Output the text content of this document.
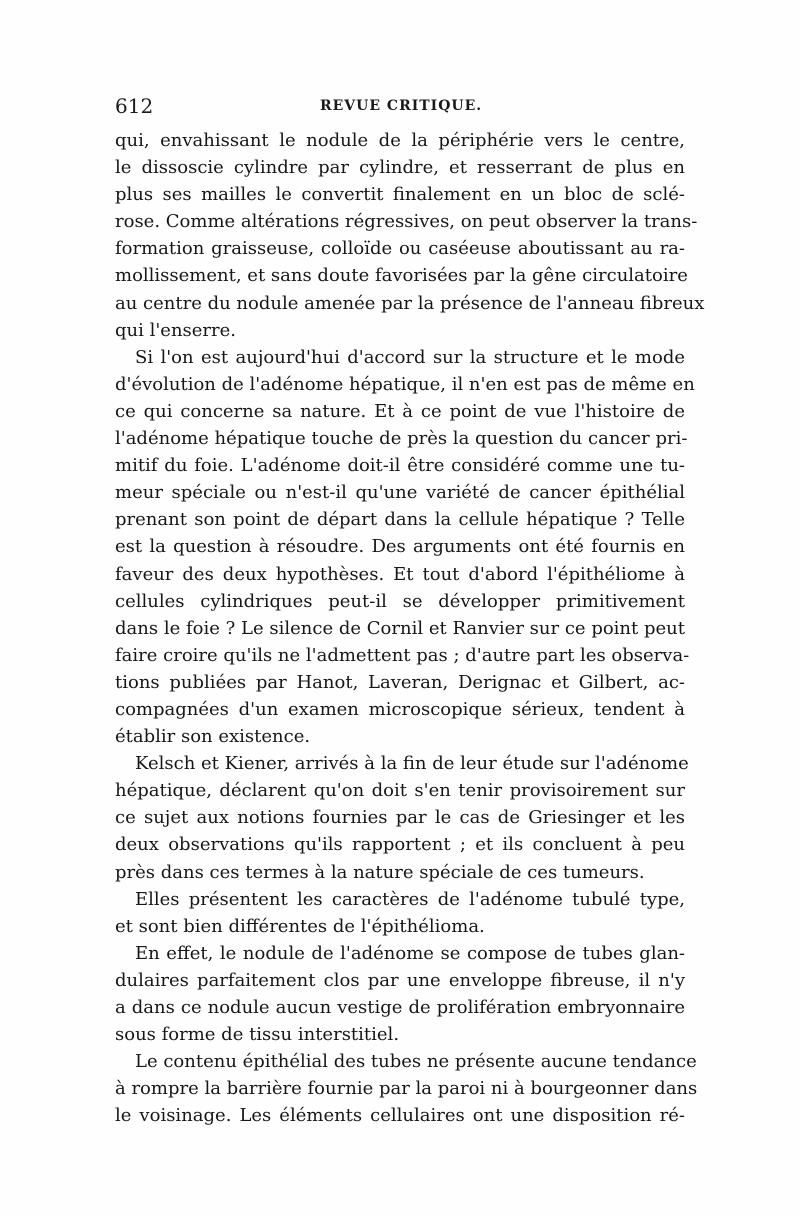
612	REVUE CRITIQUE.
qui, envahissant le nodule de la périphérie vers le centre,
le dissoscie cylindre par cylindre, et resserrant de plus en
plus ses mailles le convertit finalement en un bloc de sclé-
rose. Comme altérations régressives, on peut observer la trans-
formation graisseuse, colloïde ou caséeuse aboutissant au ra-
mollissement, et sans doute favorisées par la gêne circulatoire
au centre du nodule amenée par la présence de l'anneau fibreux
qui l'enserre.
Si l'on est aujourd'hui d'accord sur la structure et le mode
d'évolution de l'adénome hépatique, il n'en est pas de même en
ce qui concerne sa nature. Et à ce point de vue l'histoire de
l'adénome hépatique touche de près la question du cancer pri-
mitif du foie. L'adénome doit-il être considéré comme une tu-
meur spéciale ou n'est-il qu'une variété de cancer épithélial
prenant son point de départ dans la cellule hépatique ? Telle
est la question à résoudre. Des arguments ont été fournis en
faveur des deux hypothèses. Et tout d'abord l'épithéliome à
cellules cylindriques peut-il se développer primitivement
dans le foie ? Le silence de Cornil et Ranvier sur ce point peut
faire croire qu'ils ne l'admettent pas ; d'autre part les observa-
tions publiées par Hanot, Laveran, Derignac et Gilbert, ac-
compagnées d'un examen microscopique sérieux, tendent à
établir son existence.
Kelsch et Kiener, arrivés à la fin de leur étude sur l'adénome
hépatique, déclarent qu'on doit s'en tenir provisoirement sur
ce sujet aux notions fournies par le cas de Griesinger et les
deux observations qu'ils rapportent ; et ils concluent à peu
près dans ces termes à la nature spéciale de ces tumeurs.
Elles présentent les caractères de l'adénome tubulé type,
et sont bien différentes de l'épithélioma.
En effet, le nodule de l'adénome se compose de tubes glan-
dulaires parfaitement clos par une enveloppe fibreuse, il n'y
a dans ce nodule aucun vestige de prolifération embryonnaire
sous forme de tissu interstitiel.
Le contenu épithélial des tubes ne présente aucune tendance
à rompre la barrière fournie par la paroi ni à bourgeonner dans
le voisinage. Les éléments cellulaires ont une disposition ré-
